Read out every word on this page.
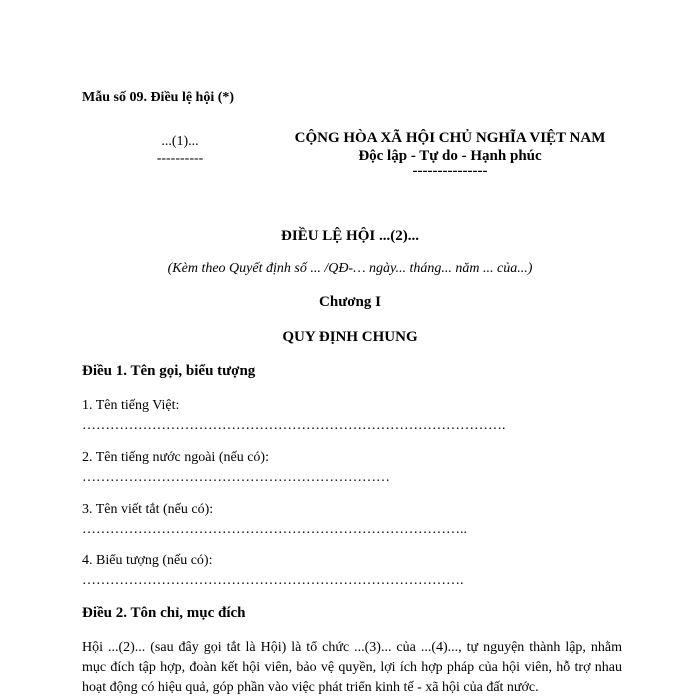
Mẫu số 09. Điều lệ hội (*)
...(1)...
----------
CỘNG HÒA XÃ HỘI CHỦ NGHĨA VIỆT NAM
Độc lập - Tự do - Hạnh phúc
---------------
ĐIỀU LỆ HỘI ...(2)...
(Kèm theo Quyết định số ... /QĐ-… ngày... tháng... năm ... của...)
Chương I
QUY ĐỊNH CHUNG
Điều 1. Tên gọi, biểu tượng
1. Tên tiếng Việt:
……………………………………………………………………………….
2. Tên tiếng nước ngoài (nếu có):
…………………………………………………………
3. Tên viết tắt (nếu có):
………………………………………………………………………..
4. Biểu tượng (nếu có):
……………………………………………………………………….
Điều 2. Tôn chỉ, mục đích
Hội ...(2)... (sau đây gọi tắt là Hội) là tổ chức ...(3)... của ...(4)..., tự nguyện thành lập, nhằm mục đích tập hợp, đoàn kết hội viên, bảo vệ quyền, lợi ích hợp pháp của hội viên, hỗ trợ nhau hoạt động có hiệu quả, góp phần vào việc phát triển kinh tế - xã hội của đất nước.
